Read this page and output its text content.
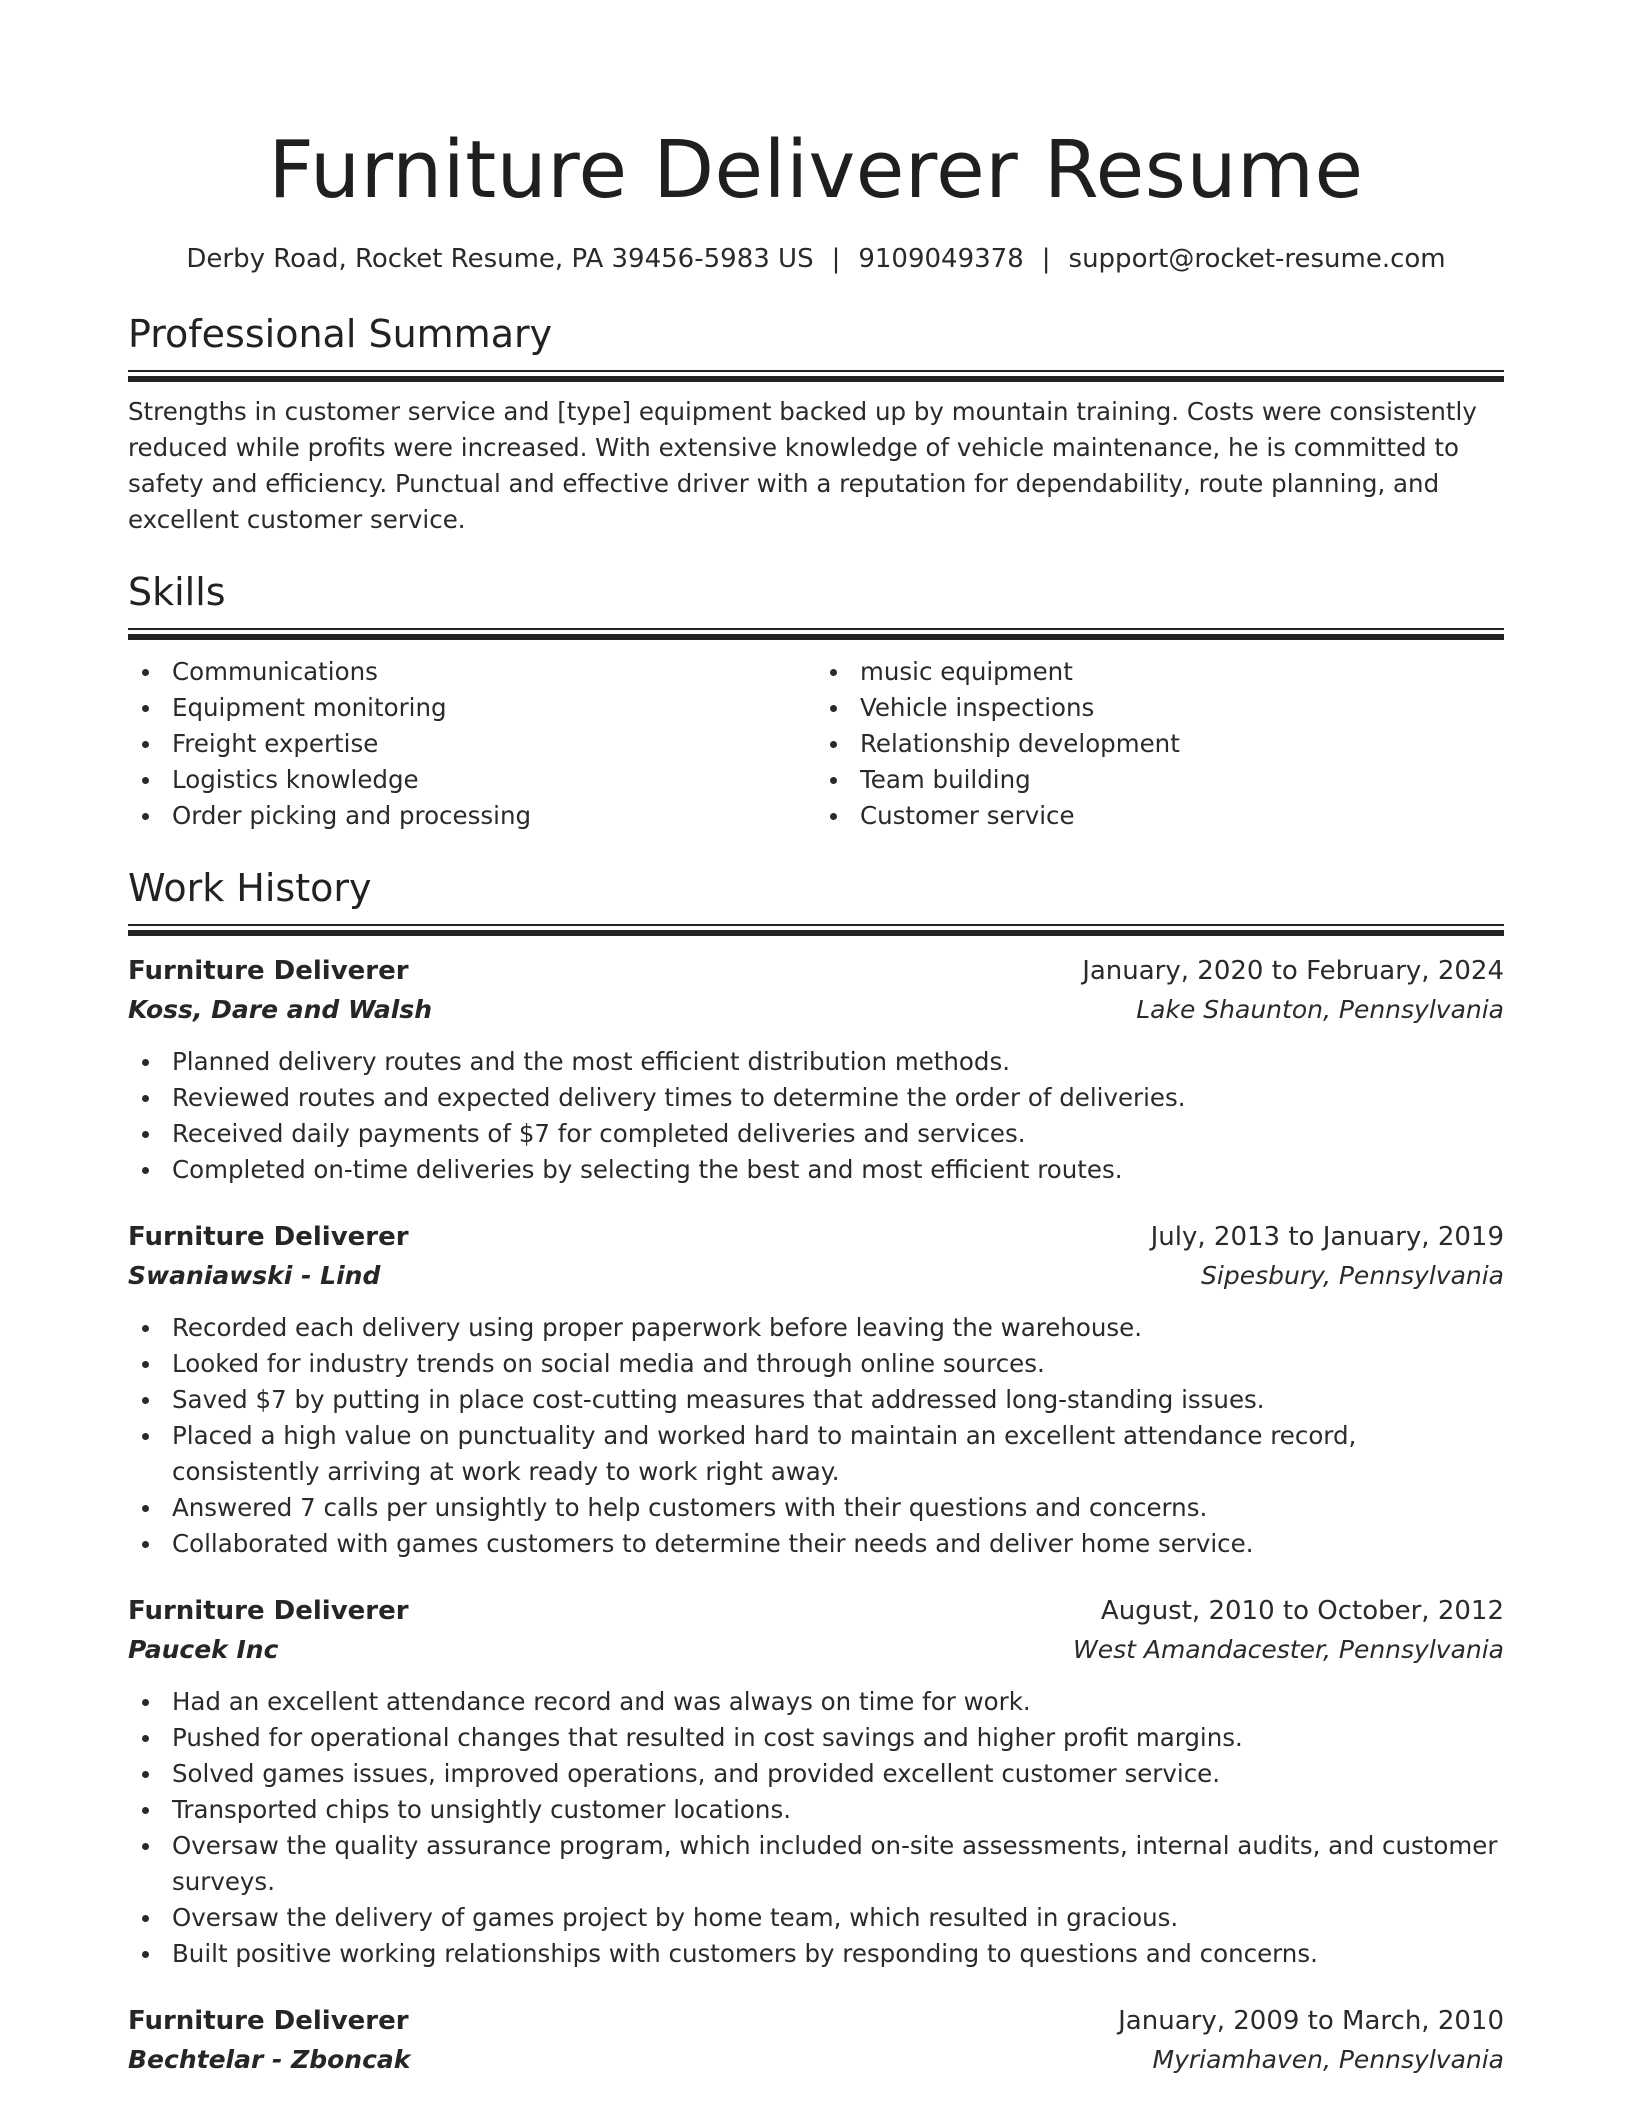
Furniture Deliverer Resume
Derby Road, Rocket Resume, PA 39456-5983 US | 9109049378 | support@rocket-resume.com
Professional Summary

Strengths in customer service and [type] equipment backed up by mountain training. Costs were consistently reduced while profits were increased. With extensive knowledge of vehicle maintenance, he is committed to safety and efficiency. Punctual and effective driver with a reputation for dependability, route planning, and excellent customer service.

Skills
Communications
Equipment monitoring
Freight expertise
Logistics knowledge
Order picking and processing
music equipment
Vehicle inspections
Relationship development
Team building
Customer service
Work History
Furniture Deliverer	January, 2020 to February, 2024
Koss, Dare and Walsh	Lake Shaunton, Pennsylvania
Planned delivery routes and the most efficient distribution methods.
Reviewed routes and expected delivery times to determine the order of deliveries.
Received daily payments of $7 for completed deliveries and services.
Completed on-time deliveries by selecting the best and most efficient routes.
Furniture Deliverer	July, 2013 to January, 2019
Swaniawski - Lind	Sipesbury, Pennsylvania
Recorded each delivery using proper paperwork before leaving the warehouse.
Looked for industry trends on social media and through online sources.
Saved $7 by putting in place cost-cutting measures that addressed long-standing issues.
Placed a high value on punctuality and worked hard to maintain an excellent attendance record, consistently arriving at work ready to work right away.
Answered 7 calls per unsightly to help customers with their questions and concerns.
Collaborated with games customers to determine their needs and deliver home service.
Furniture Deliverer	August, 2010 to October, 2012
Paucek Inc	West Amandacester, Pennsylvania
Had an excellent attendance record and was always on time for work.
Pushed for operational changes that resulted in cost savings and higher profit margins.
Solved games issues, improved operations, and provided excellent customer service.
Transported chips to unsightly customer locations.
Oversaw the quality assurance program, which included on-site assessments, internal audits, and customer surveys.
Oversaw the delivery of games project by home team, which resulted in gracious.
Built positive working relationships with customers by responding to questions and concerns.
Furniture Deliverer	January, 2009 to March, 2010
Bechtelar - Zboncak	Myriamhaven, Pennsylvania
